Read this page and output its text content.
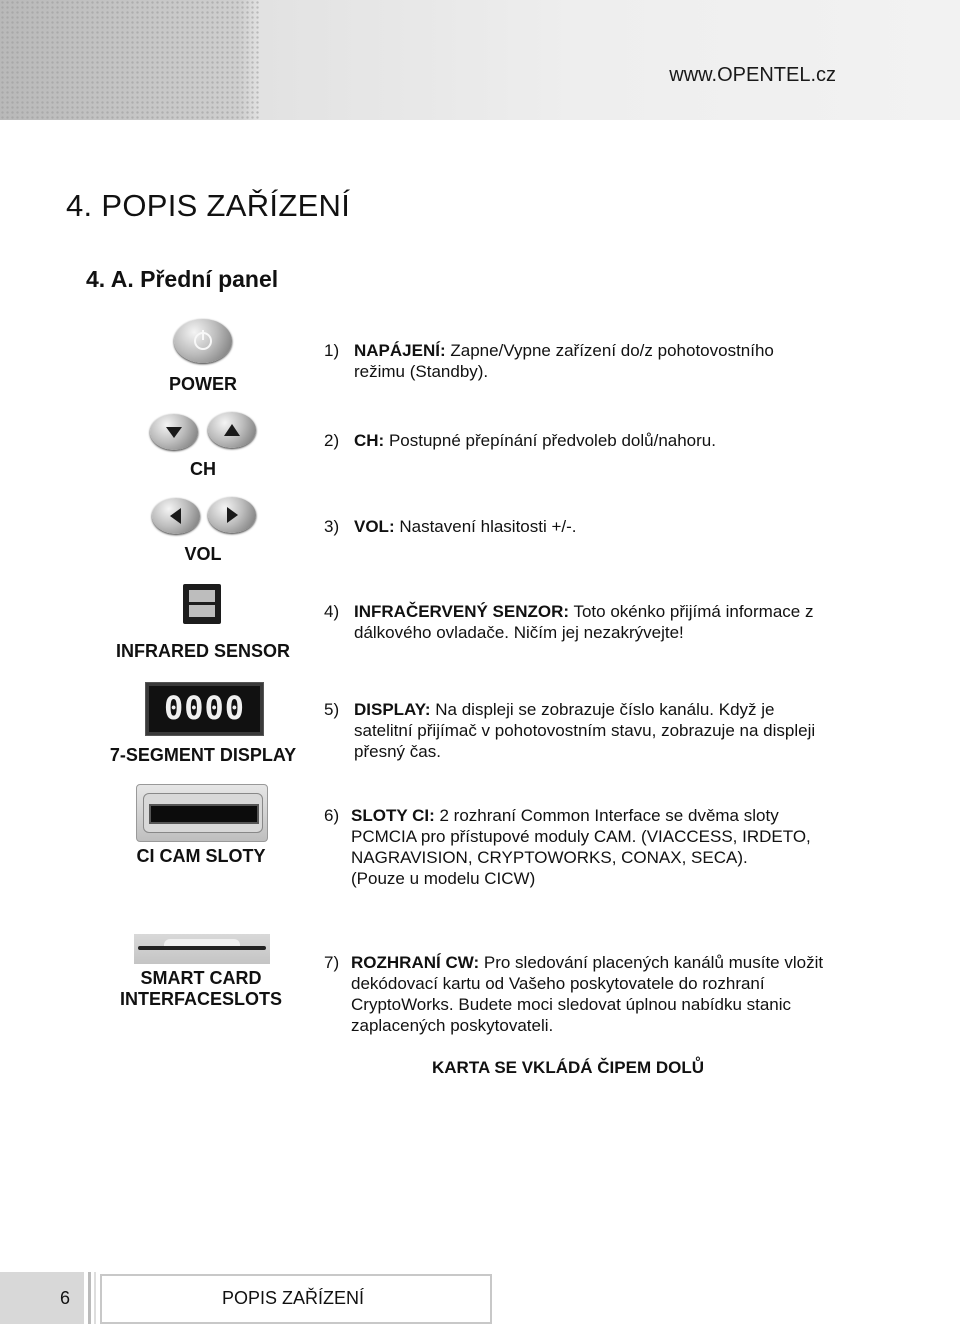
www.OPENTEL.cz
4. POPIS ZAŘÍZENÍ
4. A. Přední panel
POWER
1) NAPÁJENÍ: Zapne/Vypne zařízení do/z pohotovostního režimu (Standby).
CH
2) CH: Postupné přepínání předvoleb dolů/nahoru.
VOL
3) VOL: Nastavení hlasitosti +/-.
INFRARED SENSOR
4) INFRAČERVENÝ SENZOR: Toto okénko přijímá informace z dálkového ovladače. Ničím jej nezakrývejte!
0000
7-SEGMENT DISPLAY
5) DISPLAY: Na displeji se zobrazuje číslo kanálu. Když je satelitní přijímač v pohotovostním stavu, zobrazuje na displeji přesný čas.
CI CAM SLOTY
6) SLOTY CI: 2 rozhraní Common Interface se dvěma sloty PCMCIA pro přístupové moduly CAM. (VIACCESS, IRDETO, NAGRAVISION, CRYPTOWORKS, CONAX, SECA).
(Pouze u modelu CICW)
SMART CARD INTERFACESLOTS
7) ROZHRANÍ CW: Pro sledování placených kanálů musíte vložit dekódovací kartu od Vašeho poskytovatele do rozhraní CryptoWorks. Budete moci sledovat úplnou nabídku stanic zaplacených poskytovateli.
KARTA SE VKLÁDÁ ČIPEM DOLŮ
6	POPIS ZAŘÍZENÍ
